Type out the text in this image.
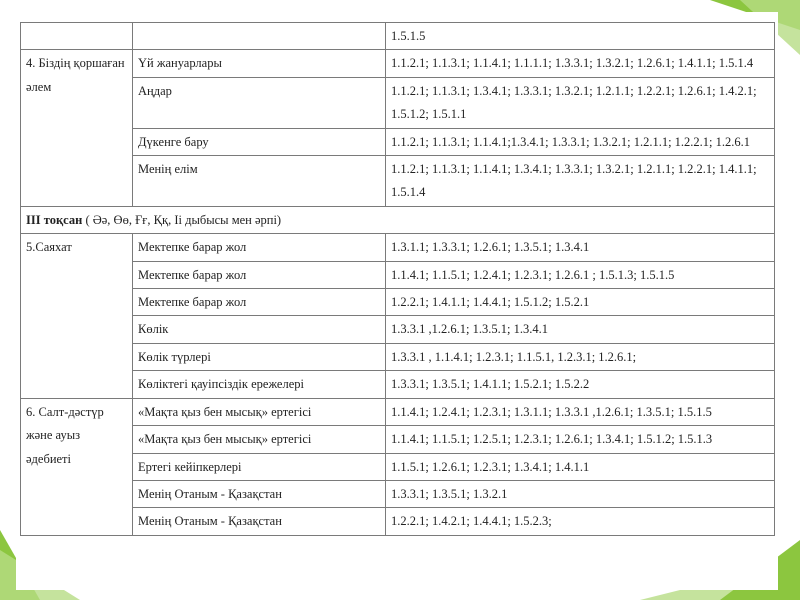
		1.5.1.5
4. Біздің қоршаған әлем	Үй жануарлары	1.1.2.1; 1.1.3.1; 1.1.4.1; 1.1.1.1; 1.3.3.1; 1.3.2.1; 1.2.6.1; 1.4.1.1; 1.5.1.4
	Аңдар	1.1.2.1; 1.1.3.1; 1.3.4.1; 1.3.3.1; 1.3.2.1; 1.2.1.1; 1.2.2.1; 1.2.6.1; 1.4.2.1; 1.5.1.2; 1.5.1.1
	Дүкенге бару	1.1.2.1; 1.1.3.1; 1.1.4.1;1.3.4.1; 1.3.3.1; 1.3.2.1; 1.2.1.1; 1.2.2.1; 1.2.6.1
	Менің елім	1.1.2.1; 1.1.3.1; 1.1.4.1; 1.3.4.1; 1.3.3.1; 1.3.2.1; 1.2.1.1; 1.2.2.1; 1.4.1.1; 1.5.1.4
ІІІ тоқсан ( Әә, Өө, Ғғ, Ққ, Іі дыбысы мен әрпі)		
5.Саяхат	Мектепке барар жол	1.3.1.1; 1.3.3.1; 1.2.6.1; 1.3.5.1; 1.3.4.1
	Мектепке барар жол	1.1.4.1; 1.1.5.1; 1.2.4.1; 1.2.3.1; 1.2.6.1 ; 1.5.1.3; 1.5.1.5
	Мектепке барар жол	1.2.2.1; 1.4.1.1; 1.4.4.1; 1.5.1.2; 1.5.2.1
	Көлік	1.3.3.1 ,1.2.6.1; 1.3.5.1; 1.3.4.1
	Көлік түрлері	1.3.3.1 , 1.1.4.1; 1.2.3.1; 1.1.5.1, 1.2.3.1; 1.2.6.1;
	Көліктегі қауіпсіздік ережелері	1.3.3.1; 1.3.5.1; 1.4.1.1; 1.5.2.1; 1.5.2.2
6. Салт-дәстүр және ауыз әдебиеті	«Мақта қыз бен мысық» ертегісі	1.1.4.1; 1.2.4.1; 1.2.3.1; 1.3.1.1; 1.3.3.1 ,1.2.6.1; 1.3.5.1; 1.5.1.5
	«Мақта қыз бен мысық» ертегісі	1.1.4.1; 1.1.5.1; 1.2.5.1; 1.2.3.1; 1.2.6.1; 1.3.4.1; 1.5.1.2; 1.5.1.3
	Ертегі кейіпкерлері	1.1.5.1; 1.2.6.1; 1.2.3.1; 1.3.4.1; 1.4.1.1
	Менің Отаным - Қазақстан	1.3.3.1; 1.3.5.1; 1.3.2.1
	Менің Отаным - Қазақстан	1.2.2.1; 1.4.2.1; 1.4.4.1; 1.5.2.3;
